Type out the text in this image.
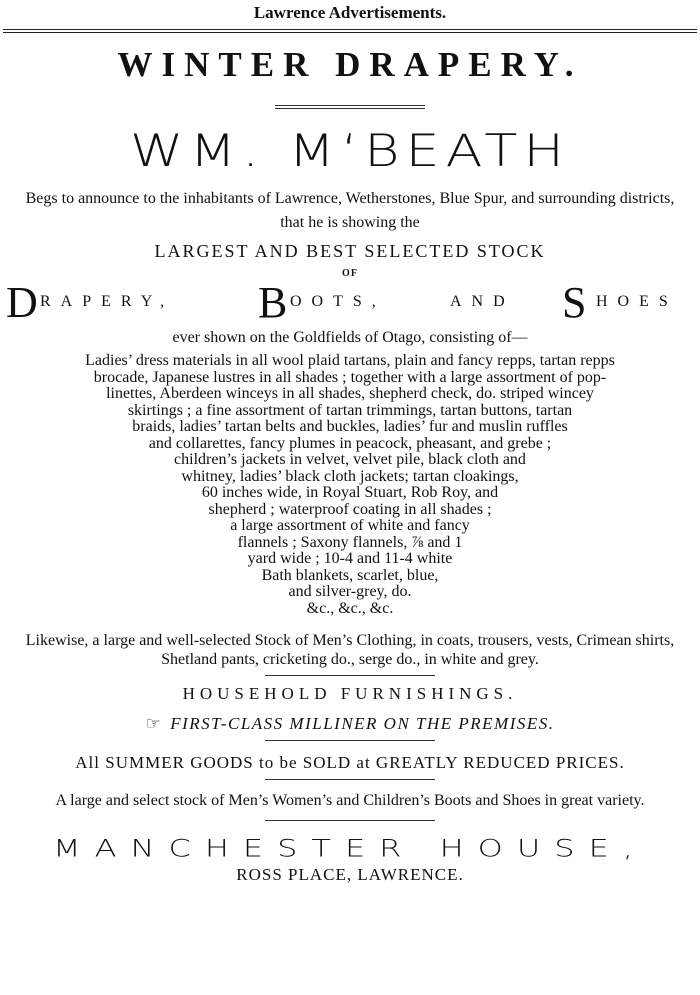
Lawrence Advertisements.
WINTER DRAPERY.
WM. MʻBEATH
Begs to announce to the inhabitants of Lawrence, Wetherstones, Blue Spur, and surrounding districts, that he is showing the
LARGEST AND BEST SELECTED STOCK
OF
D
RAPERY, B
OOTS,	AND S HOES
ever shown on the Goldfields of Otago, consisting of—
Ladies’ dress materials in all wool plaid tartans, plain and fancy repps, tartan repps
brocade, Japanese lustres in all shades ; together with a large assortment of pop-
linettes, Aberdeen winceys in all shades, shepherd check, do. striped wincey
skirtings ; a fine assortment of tartan trimmings, tartan buttons, tartan
braids, ladies’ tartan belts and buckles, ladies’ fur and muslin ruffles
and collarettes, fancy plumes in peacock, pheasant, and grebe ;
children’s jackets in velvet, velvet pile, black cloth and
whitney, ladies’ black cloth jackets; tartan cloakings,
60 inches wide, in Royal Stuart, Rob Roy, and
shepherd ; waterproof coating in all shades ;
a large assortment of white and fancy
flannels ; Saxony flannels, ⅞ and 1
yard wide ; 10-4 and 11-4 white
Bath blankets, scarlet, blue,
and silver-grey, do.
&c., &c., &c.
Likewise, a large and well-selected Stock of Men’s Clothing, in coats, trousers, vests, Crimean shirts, Shetland pants, cricketing do., serge do., in white and grey.
HOUSEHOLD FURNISHINGS.
☞ FIRST-CLASS MILLINER ON THE PREMISES.
All SUMMER GOODS to be SOLD at GREATLY REDUCED PRICES.
A large and select stock of Men’s Women’s and Children’s Boots and Shoes in great variety.
MANCHESTER HOUSE,
ROSS PLACE, LAWRENCE.
